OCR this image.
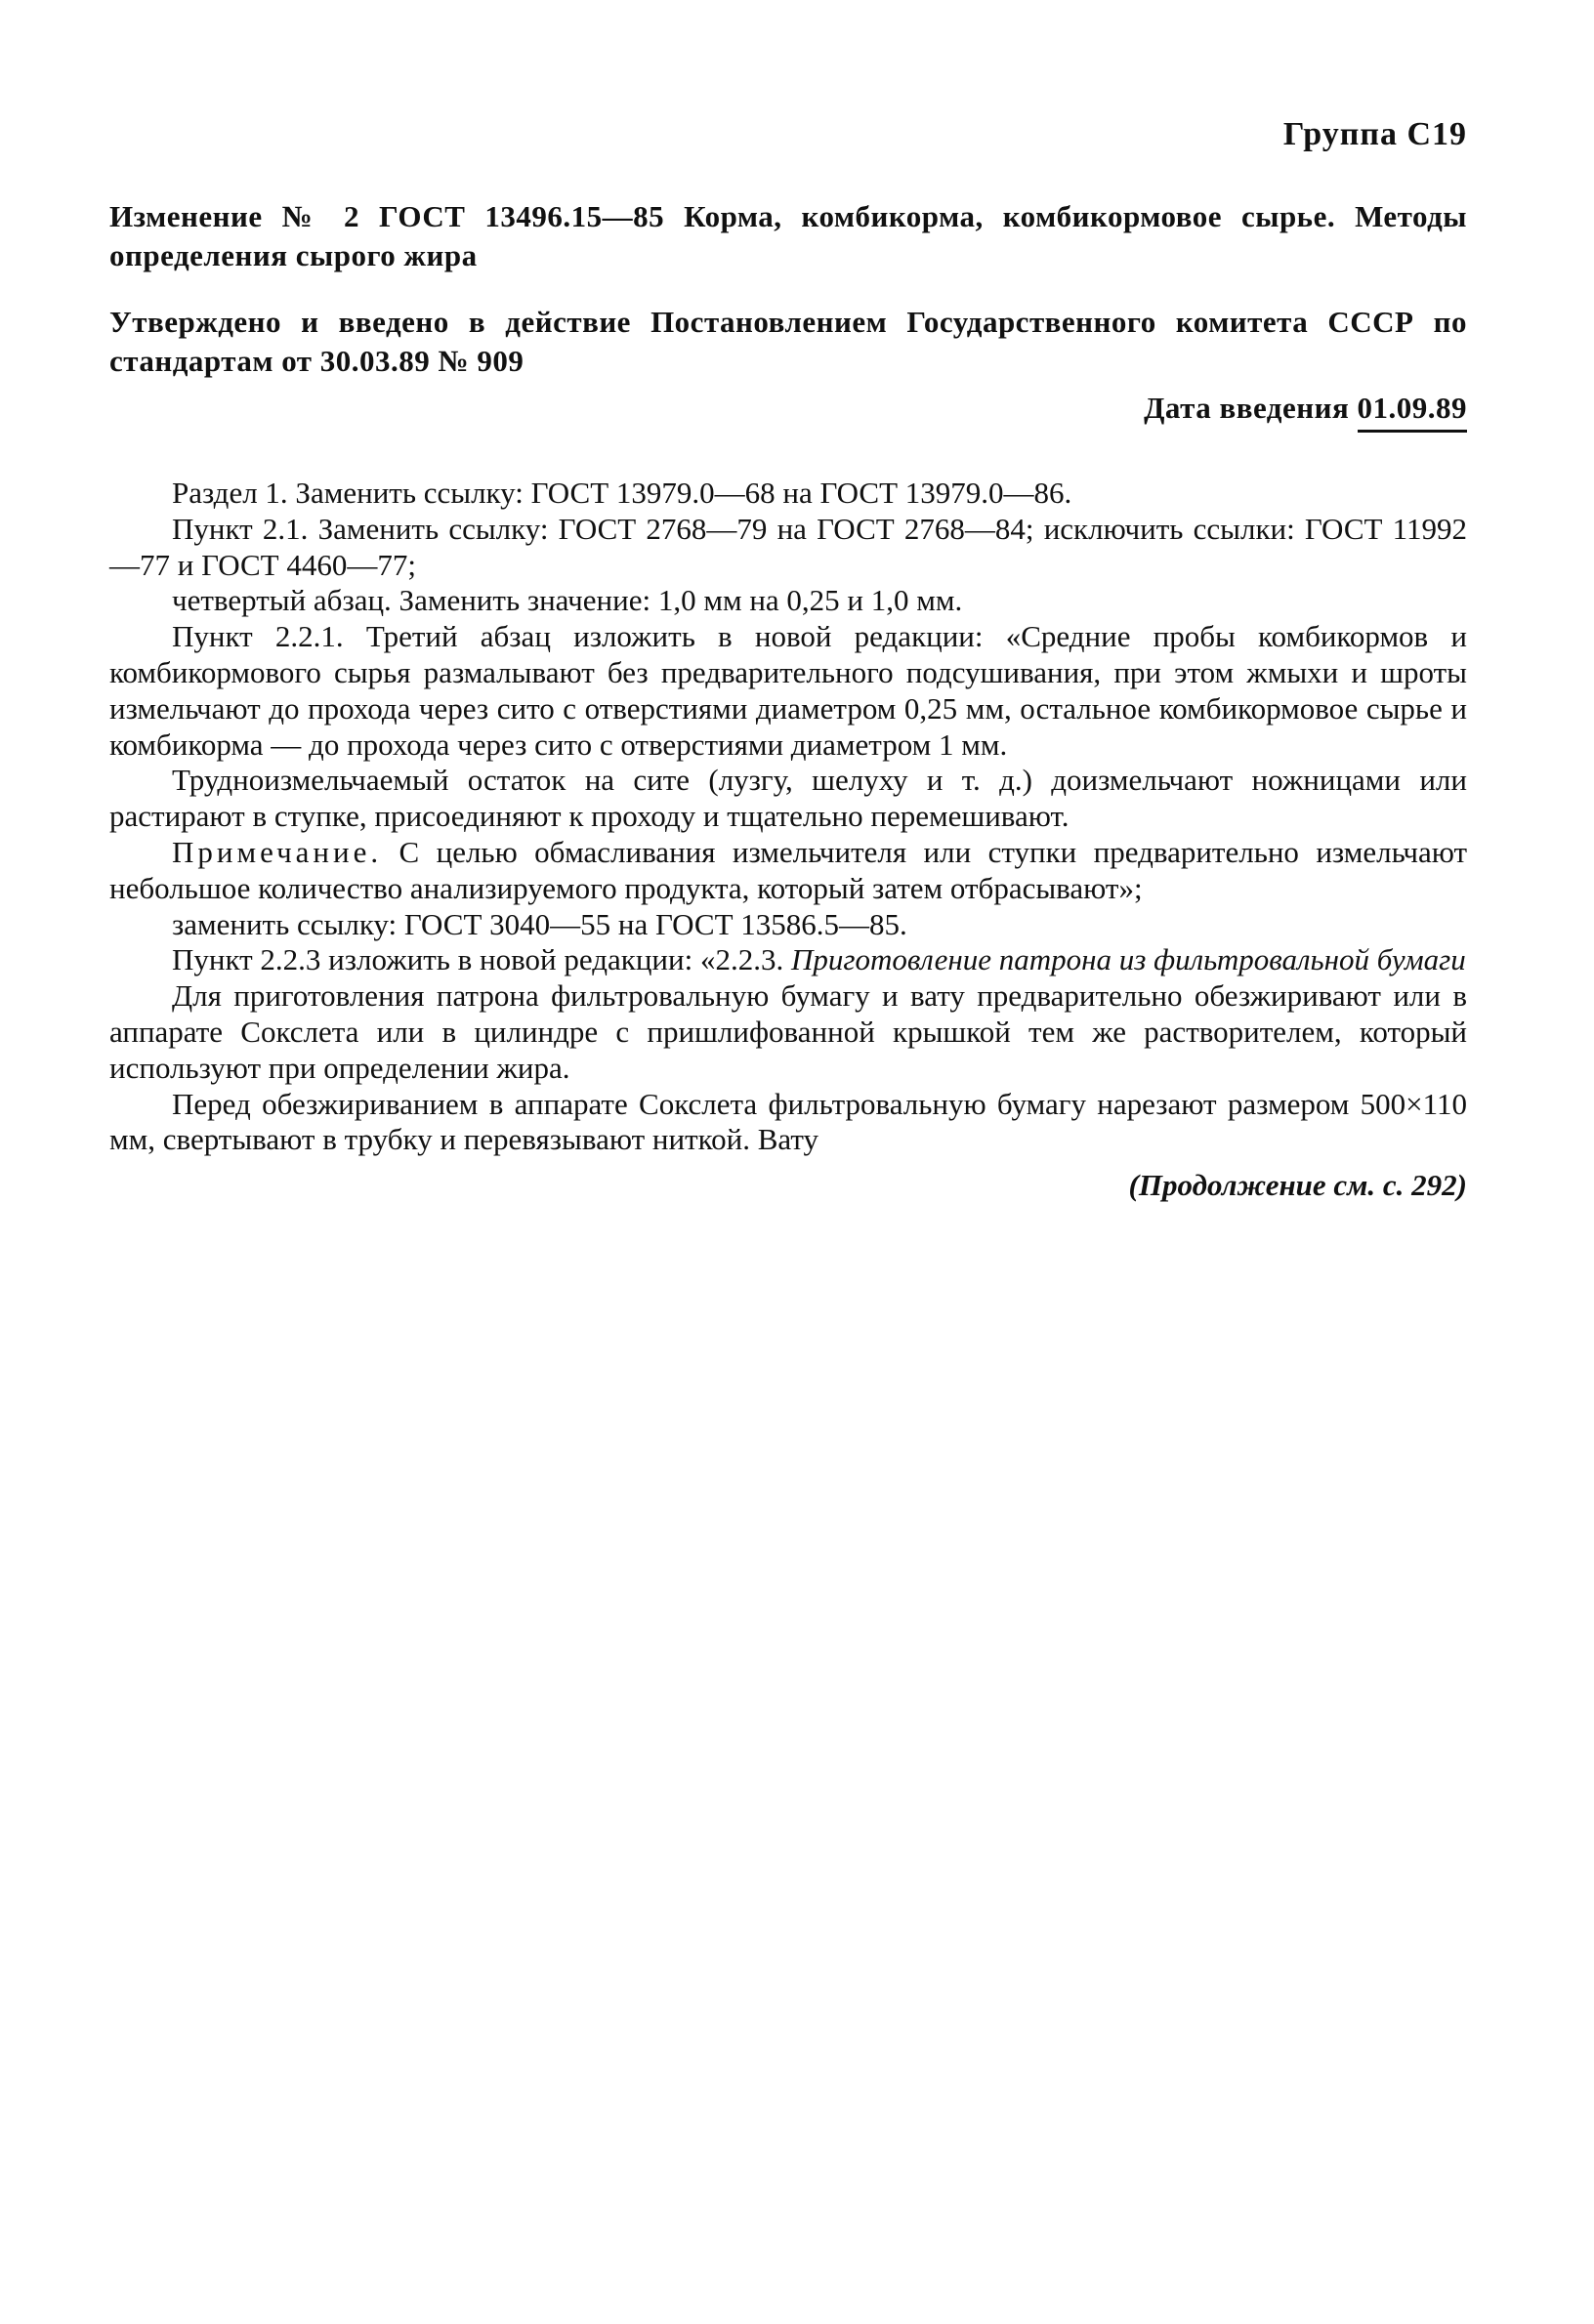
Группа С19
Изменение № 2 ГОСТ 13496.15—85 Корма, комбикорма, комбикормовое сырье. Методы определения сырого жира
Утверждено и введено в действие Постановлением Государственного комитета СССР по стандартам от 30.03.89 № 909
Дата введения 01.09.89

Раздел 1. Заменить ссылку: ГОСТ 13979.0—68 на ГОСТ 13979.0—86.

Пункт 2.1. Заменить ссылку: ГОСТ 2768—79 на ГОСТ 2768—84; исключить ссылки: ГОСТ 11992—77 и ГОСТ 4460—77;

четвертый абзац. Заменить значение: 1,0 мм на 0,25 и 1,0 мм.

Пункт 2.2.1. Третий абзац изложить в новой редакции: «Средние пробы комбикормов и комбикормового сырья размалывают без предварительного подсушивания, при этом жмыхи и шроты измельчают до прохода через сито с отверстиями диаметром 0,25 мм, остальное комбикормовое сырье и комбикорма — до прохода через сито с отверстиями диаметром 1 мм.

Трудноизмельчаемый остаток на сите (лузгу, шелуху и т. д.) доизмельчают ножницами или растирают в ступке, присоединяют к проходу и тщательно перемешивают.

Примечание. С целью обмасливания измельчителя или ступки предварительно измельчают небольшое количество анализируемого продукта, который затем отбрасывают»;

заменить ссылку: ГОСТ 3040—55 на ГОСТ 13586.5—85.

Пункт 2.2.3 изложить в новой редакции: «2.2.3. Приготовление патрона из фильтровальной бумаги

Для приготовления патрона фильтровальную бумагу и вату предварительно обезжиривают или в аппарате Сокслета или в цилиндре с пришлифованной крышкой тем же растворителем, который используют при определении жира.

Перед обезжириванием в аппарате Сокслета фильтровальную бумагу нарезают размером 500×110 мм, свертывают в трубку и перевязывают ниткой. Вату

(Продолжение см. с. 292)
